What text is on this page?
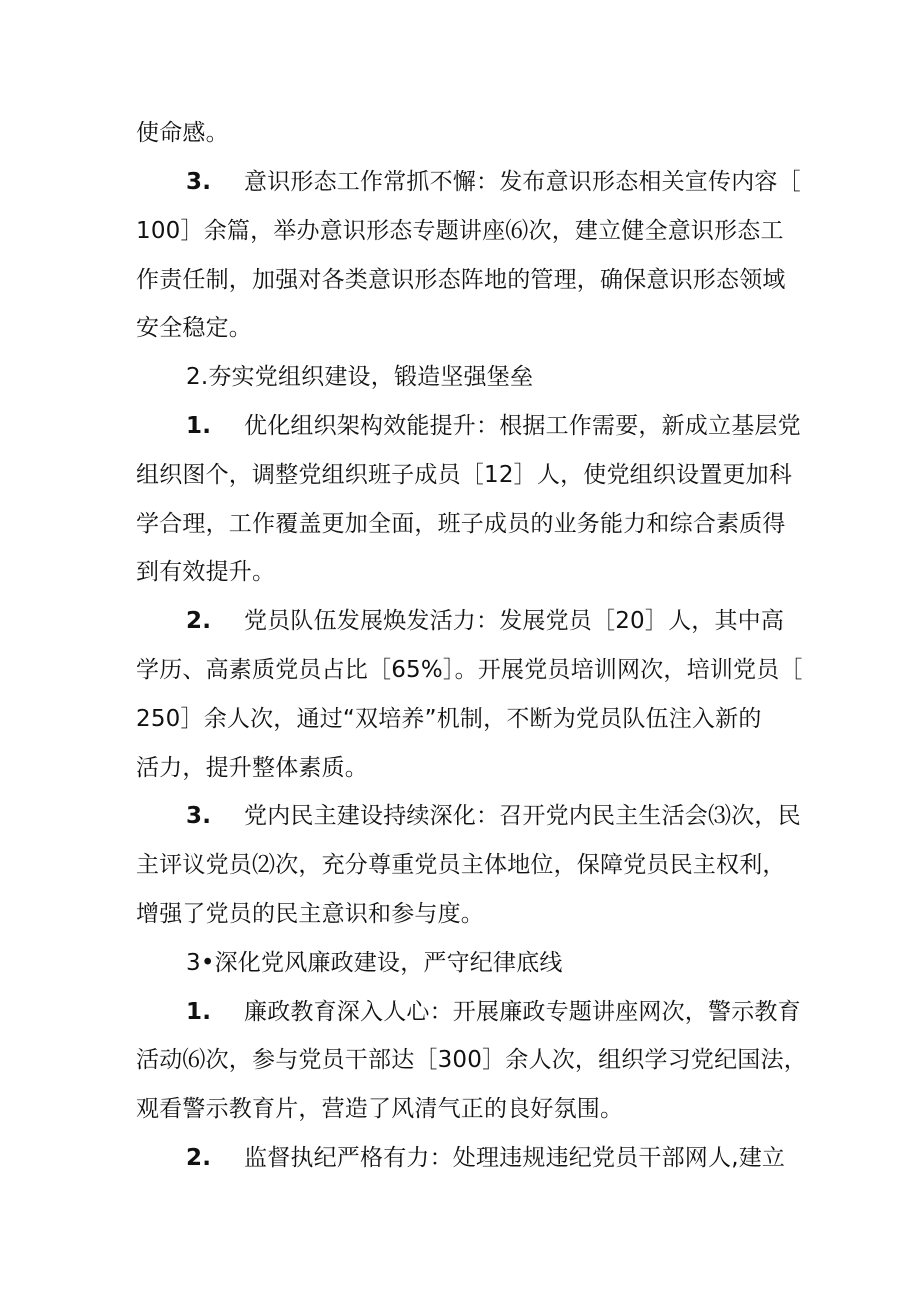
使命感。
3. 意识形态工作常抓不懈：发布意识形态相关宣传内容［
100］余篇，举办意识形态专题讲座⑹次，建立健全意识形态工
作责任制，加强对各类意识形态阵地的管理，确保意识形态领域
安全稳定。
2.夯实党组织建设，锻造坚强堡垒
1. 优化组织架构效能提升：根据工作需要，新成立基层党
组织图个，调整党组织班子成员［12］人，使党组织设置更加科
学合理，工作覆盖更加全面，班子成员的业务能力和综合素质得
到有效提升。
2. 党员队伍发展焕发活力：发展党员［20］人，其中高
学历、高素质党员占比［65%］。开展党员培训网次，培训党员［
250］余人次，通过“双培养”机制，不断为党员队伍注入新的
活力，提升整体素质。
3. 党内民主建设持续深化：召开党内民主生活会⑶次，民
主评议党员⑵次，充分尊重党员主体地位，保障党员民主权利，
增强了党员的民主意识和参与度。
3•深化党风廉政建设，严守纪律底线
1. 廉政教育深入人心：开展廉政专题讲座网次，警示教育
活动⑹次，参与党员干部达［300］余人次，组织学习党纪国法，
观看警示教育片，营造了风清气正的良好氛围。
2. 监督执纪严格有力：处理违规违纪党员干部网人,建立
